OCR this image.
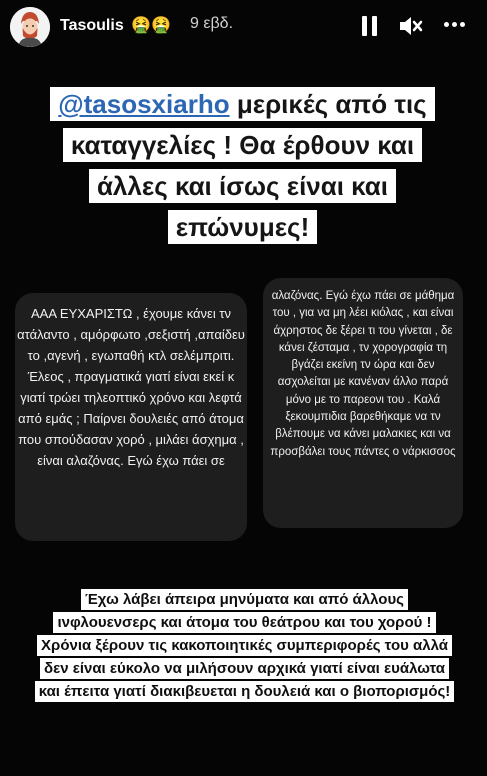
Tasoulis 🤮🤮 9 εβδ.
@tasosxiarho μερικές από τις καταγγελίες ! Θα έρθουν και άλλες και ίσως είναι και επώνυμες!
ΑΑΑ ΕΥΧΑΡΙΣΤΩ , έχουμε κάνει τν ατάλαντο , αμόρφωτο ,σεξιστή ,απαίδευ το ,αγενή , εγωπαθή κτλ σελέμπριτι. Έλεος , πραγματικά γιατί είναι εκεί κ γιατί τρώει τηλεοπτικό χρόνο και λεφτά από εμάς ; Παίρνει δουλειές από άτομα που σπούδασαν χορό , μιλάει άσχημα , είναι αλαζόνας. Εγώ έχω πάει σε
αλαζόνας. Εγώ έχω πάει σε μάθημα του , για να μη λέει κιόλας , και είναι άχρηστος δε ξέρει τι του γίνεται , δε κάνει ζέσταμα , τν χορογραφία τη βγάζει εκείνη τν ώρα και δεν ασχολείται με κανέναν άλλο παρά μόνο με το παρεονι του . Καλά ξεκουμπιδια βαρεθήκαμε να τν βλέπουμε να κάνει μαλακιες και να προσβάλει τους πάντες o νάρκισσος
Έχω λάβει άπειρα μηνύματα και από άλλους ινφλουενσερς και άτομα του θεάτρου και του χορού ! Χρόνια ξέρουν τις κακοποιητικές συμπεριφορές του αλλά δεν είναι εύκολο να μιλήσουν αρχικά γιατί είναι ευάλωτα και έπειτα γιατί διακιβευεται η δουλειά και ο βιοπορισμός!
